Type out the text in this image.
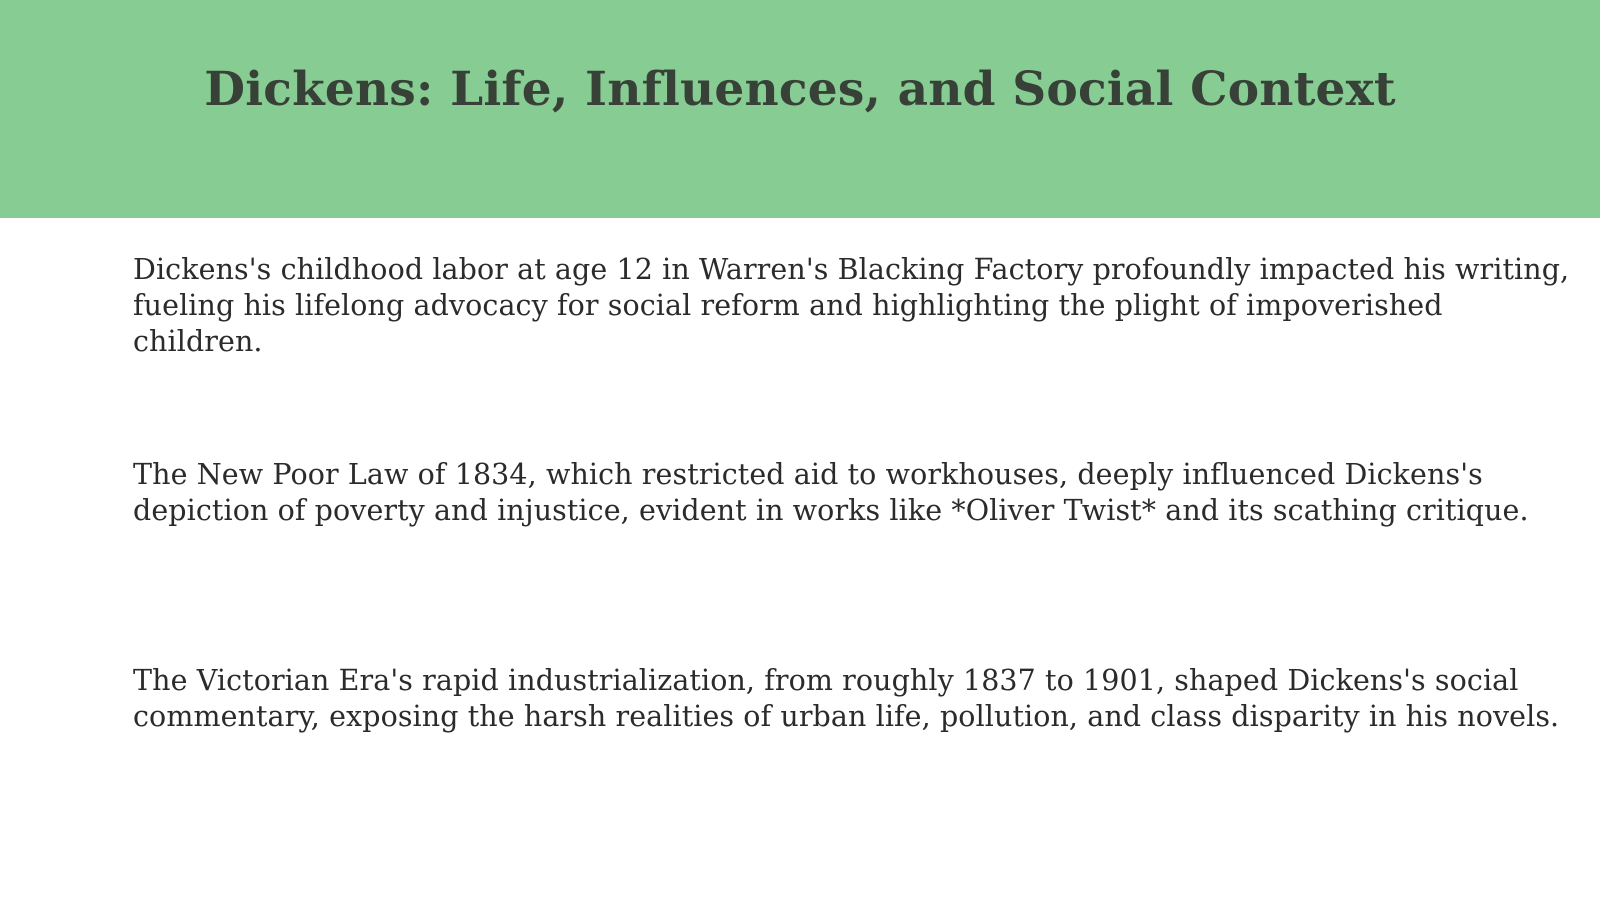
Dickens: Life, Influences, and Social Context

Dickens's childhood labor at age 12 in Warren's Blacking Factory profoundly impacted his writing, fueling his lifelong advocacy for social reform and highlighting the plight of impoverished children.

The New Poor Law of 1834, which restricted aid to workhouses, deeply influenced Dickens's depiction of poverty and injustice, evident in works like *Oliver Twist* and its scathing critique.

The Victorian Era's rapid industrialization, from roughly 1837 to 1901, shaped Dickens's social commentary, exposing the harsh realities of urban life, pollution, and class disparity in his novels.
